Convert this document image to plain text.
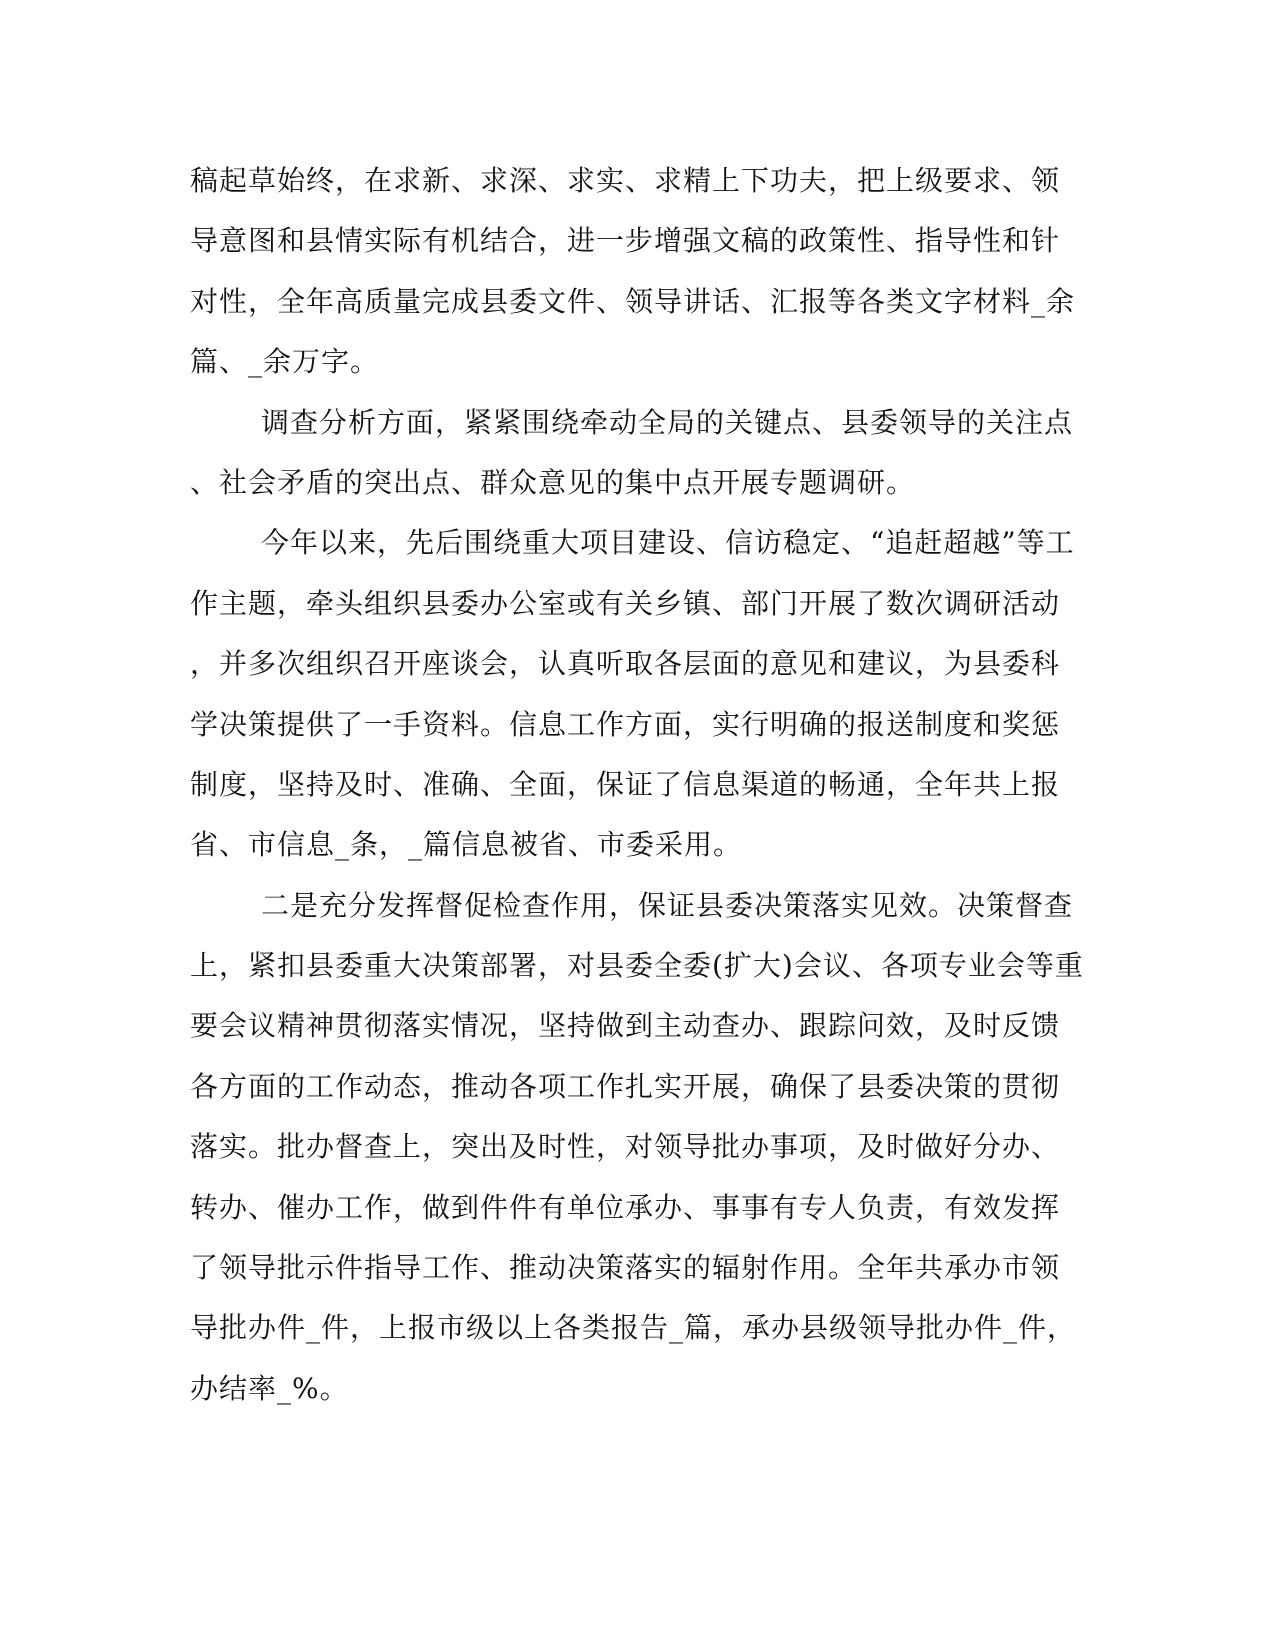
稿起草始终，在求新、求深、求实、求精上下功夫，把上级要求、领
导意图和县情实际有机结合，进一步增强文稿的政策性、指导性和针
对性，全年高质量完成县委文件、领导讲话、汇报等各类文字材料_余
篇、_余万字。
调查分析方面，紧紧围绕牵动全局的关键点、县委领导的关注点
、社会矛盾的突出点、群众意见的集中点开展专题调研。
今年以来，先后围绕重大项目建设、信访稳定、“追赶超越”等工
作主题，牵头组织县委办公室或有关乡镇、部门开展了数次调研活动
，并多次组织召开座谈会，认真听取各层面的意见和建议，为县委科
学决策提供了一手资料。信息工作方面，实行明确的报送制度和奖惩
制度，坚持及时、准确、全面，保证了信息渠道的畅通，全年共上报
省、市信息_条，_篇信息被省、市委采用。
二是充分发挥督促检查作用，保证县委决策落实见效。决策督查
上，紧扣县委重大决策部署，对县委全委(扩大)会议、各项专业会等重
要会议精神贯彻落实情况，坚持做到主动查办、跟踪问效，及时反馈
各方面的工作动态，推动各项工作扎实开展，确保了县委决策的贯彻
落实。批办督查上，突出及时性，对领导批办事项，及时做好分办、
转办、催办工作，做到件件有单位承办、事事有专人负责，有效发挥
了领导批示件指导工作、推动决策落实的辐射作用。全年共承办市领
导批办件_件，上报市级以上各类报告_篇，承办县级领导批办件_件，
办结率_%。
